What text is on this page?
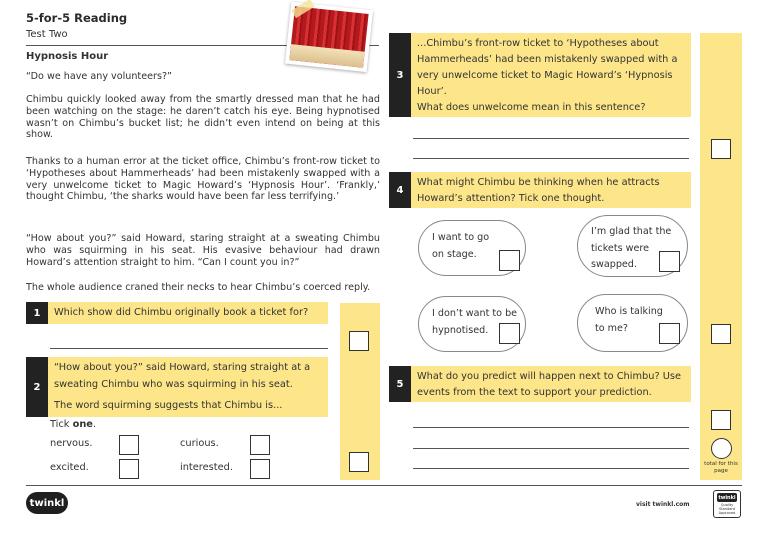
5-for-5 Reading
Test Two
Hypnosis Hour
“Do we have any volunteers?”
Chimbu quickly looked away from the smartly dressed man that he had been watching on the stage: he daren’t catch his eye. Being hypnotised wasn’t on Chimbu’s bucket list; he didn’t even intend on being at this show.
Thanks to a human error at the ticket office, Chimbu’s front-row ticket to ‘Hypotheses about Hammerheads’ had been mistakenly swapped with a very unwelcome ticket to Magic Howard’s ‘Hypnosis Hour’. ‘Frankly,’ thought Chimbu, ‘the sharks would have been far less terrifying.’
“How about you?” said Howard, staring straight at a sweating Chimbu who was squirming in his seat. His evasive behaviour had drawn Howard’s attention straight to him. “Can I count you in?”
The whole audience craned their necks to hear Chimbu’s coerced reply.
1	Which show did Chimbu originally book a ticket for?
2
“How about you?” said Howard, staring straight at a sweating Chimbu who was squirming in his seat.
The word squirming suggests that Chimbu is...
Tick one.
nervous.	curious.
excited.	interested.	total for this page
3
...Chimbu’s front-row ticket to ‘Hypotheses about Hammerheads’ had been mistakenly swapped with a very unwelcome ticket to Magic Howard’s ‘Hypnosis Hour’.
What does unwelcome mean in this sentence?
4
What might Chimbu be thinking when he attracts Howard’s attention? Tick one thought.
I want to go on stage.
I’m glad that the tickets were swapped.
I don’t want to be hypnotised.
Who is talking to me?
5
What do you predict will happen next to Chimbu? Use events from the text to support your prediction.
twinkl	visit twinkl.com
twinkl
Quality Standard Approved
